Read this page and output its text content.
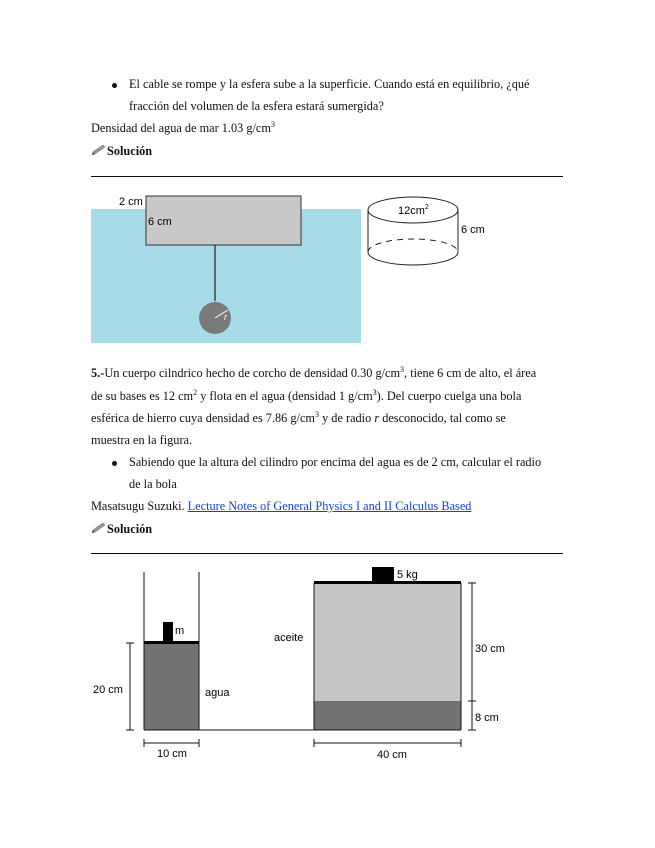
El cable se rompe y la esfera sube a la superficie. Cuando está en equilibrio, ¿qué
fracción del volumen de la esfera estará sumergida?
Densidad del agua de mar 1.03 $g/cm^3$
Solución
r
2 cm
6 cm
$12cm^2$
6 cm
5.-Un cuerpo cilndrico hecho de corcho de densidad 0.30 $g/cm^3$, tiene 6 cm de alto, el área
de su bases es 12 $cm^2$ y flota en el agua (densidad 1 $g/cm^3$). Del cuerpo cuelga una bola
esférica de hierro cuya densidad es 7.86 $g/cm^3$ y de radio r desconocido, tal como se
muestra en la figura.
Sabiendo que la altura del cilindro por encima del agua es de 2 cm, calcular el radio
de la bola
Masatsugu Suzuki. Lecture Notes of General Physics I and II Calculus Based
Solución
m
5 kg
aceite
agua
20 cm
30 cm
8 cm
10 cm	40 cm
